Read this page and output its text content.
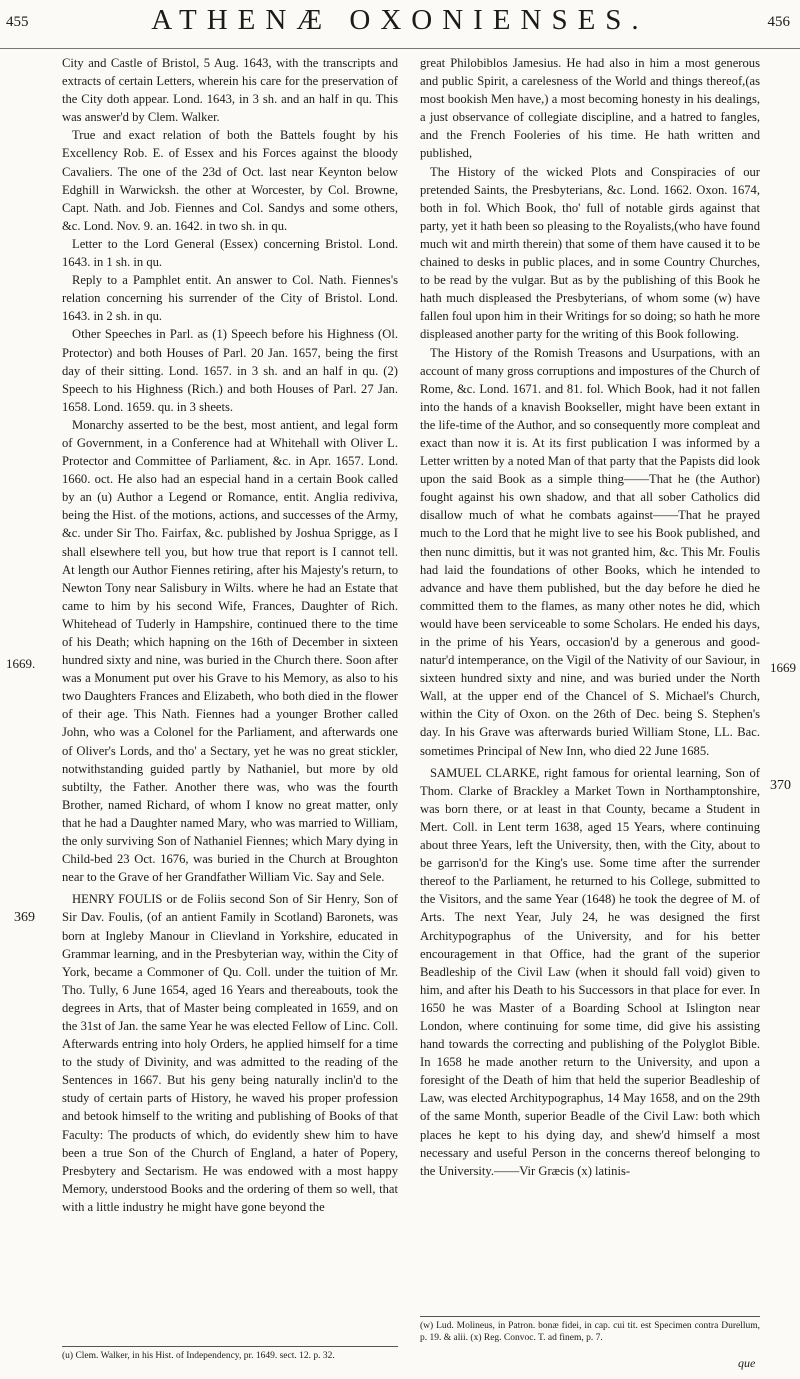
455	ATHENÆ OXONIENSES.	456
1669.
369
1669
370

City and Castle of Bristol, 5 Aug. 1643, with the transcripts and extracts of certain Letters, wherein his care for the preservation of the City doth appear. Lond. 1643, in 3 sh. and an half in qu. This was answer'd by Clem. Walker.

True and exact relation of both the Battels fought by his Excellency Rob. E. of Essex and his Forces against the bloody Cavaliers. The one of the 23d of Oct. last near Keynton below Edghill in Warwicksh. the other at Worcester, by Col. Browne, Capt. Nath. and Job. Fiennes and Col. Sandys and some others, &c. Lond. Nov. 9. an. 1642. in two sh. in qu.

Letter to the Lord General (Essex) concerning Bristol. Lond. 1643. in 1 sh. in qu.

Reply to a Pamphlet entit. An answer to Col. Nath. Fiennes's relation concerning his surrender of the City of Bristol. Lond. 1643. in 2 sh. in qu.

Other Speeches in Parl. as (1) Speech before his Highness (Ol. Protector) and both Houses of Parl. 20 Jan. 1657, being the first day of their sitting. Lond. 1657. in 3 sh. and an half in qu. (2) Speech to his Highness (Rich.) and both Houses of Parl. 27 Jan. 1658. Lond. 1659. qu. in 3 sheets.

Monarchy asserted to be the best, most antient, and legal form of Government, in a Conference had at Whitehall with Oliver L. Protector and Committee of Parliament, &c. in Apr. 1657. Lond. 1660. oct. He also had an especial hand in a certain Book called by an (u) Author a Legend or Romance, entit. Anglia rediviva, being the Hist. of the motions, actions, and successes of the Army, &c. under Sir Tho. Fairfax, &c. published by Joshua Sprigge, as I shall elsewhere tell you, but how true that report is I cannot tell. At length our Author Fiennes retiring, after his Majesty's return, to Newton Tony near Salisbury in Wilts. where he had an Estate that came to him by his second Wife, Frances, Daughter of Rich. Whitehead of Tuderly in Hampshire, continued there to the time of his Death; which hapning on the 16th of December in sixteen hundred sixty and nine, was buried in the Church there. Soon after was a Monument put over his Grave to his Memory, as also to his two Daughters Frances and Elizabeth, who both died in the flower of their age. This Nath. Fiennes had a younger Brother called John, who was a Colonel for the Parliament, and afterwards one of Oliver's Lords, and tho' a Sectary, yet he was no great stickler, notwithstanding guided partly by Nathaniel, but more by old subtilty, the Father. Another there was, who was the fourth Brother, named Richard, of whom I know no great matter, only that he had a Daughter named Mary, who was married to William, the only surviving Son of Nathaniel Fiennes; which Mary dying in Child-bed 23 Oct. 1676, was buried in the Church at Broughton near to the Grave of her Grandfather William Vic. Say and Sele.

HENRY FOULIS or de Foliis second Son of Sir Henry, Son of Sir Dav. Foulis, (of an antient Family in Scotland) Baronets, was born at Ingleby Manour in Clievland in Yorkshire, educated in Grammar learning, and in the Presbyterian way, within the City of York, became a Commoner of Qu. Coll. under the tuition of Mr. Tho. Tully, 6 June 1654, aged 16 Years and thereabouts, took the degrees in Arts, that of Master being compleated in 1659, and on the 31st of Jan. the same Year he was elected Fellow of Linc. Coll. Afterwards entring into holy Orders, he applied himself for a time to the study of Divinity, and was admitted to the reading of the Sentences in 1667. But his geny being naturally inclin'd to the study of certain parts of History, he waved his proper profession and betook himself to the writing and publishing of Books of that Faculty: The products of which, do evidently shew him to have been a true Son of the Church of England, a hater of Popery, Presbytery and Sectarism. He was endowed with a most happy Memory, understood Books and the ordering of them so well, that with a little industry he might have gone beyond the

great Philobiblos Jamesius. He had also in him a most generous and public Spirit, a carelesness of the World and things thereof,(as most bookish Men have,) a most becoming honesty in his dealings, a just observance of collegiate discipline, and a hatred to fangles, and the French Fooleries of his time. He hath written and published,

The History of the wicked Plots and Conspiracies of our pretended Saints, the Presbyterians, &c. Lond. 1662. Oxon. 1674, both in fol. Which Book, tho' full of notable girds against that party, yet it hath been so pleasing to the Royalists,(who have found much wit and mirth therein) that some of them have caused it to be chained to desks in public places, and in some Country Churches, to be read by the vulgar. But as by the publishing of this Book he hath much displeased the Presbyterians, of whom some (w) have fallen foul upon him in their Writings for so doing; so hath he more displeased another party for the writing of this Book following.

The History of the Romish Treasons and Usurpations, with an account of many gross corruptions and impostures of the Church of Rome, &c. Lond. 1671. and 81. fol. Which Book, had it not fallen into the hands of a knavish Bookseller, might have been extant in the life-time of the Author, and so consequently more compleat and exact than now it is. At its first publication I was informed by a Letter written by a noted Man of that party that the Papists did look upon the said Book as a simple thing——That he (the Author) fought against his own shadow, and that all sober Catholics did disallow much of what he combats against——That he prayed much to the Lord that he might live to see his Book published, and then nunc dimittis, but it was not granted him, &c. This Mr. Foulis had laid the foundations of other Books, which he intended to advance and have them published, but the day before he died he committed them to the flames, as many other notes he did, which would have been serviceable to some Scholars. He ended his days, in the prime of his Years, occasion'd by a generous and good-natur'd intemperance, on the Vigil of the Nativity of our Saviour, in sixteen hundred sixty and nine, and was buried under the North Wall, at the upper end of the Chancel of S. Michael's Church, within the City of Oxon. on the 26th of Dec. being S. Stephen's day. In his Grave was afterwards buried William Stone, LL. Bac. sometimes Principal of New Inn, who died 22 June 1685.

SAMUEL CLARKE, right famous for oriental learning, Son of Thom. Clarke of Brackley a Market Town in Northamptonshire, was born there, or at least in that County, became a Student in Mert. Coll. in Lent term 1638, aged 15 Years, where continuing about three Years, left the University, then, with the City, about to be garrison'd for the King's use. Some time after the surrender thereof to the Parliament, he returned to his College, submitted to the Visitors, and the same Year (1648) he took the degree of M. of Arts. The next Year, July 24, he was designed the first Architypographus of the University, and for his better encouragement in that Office, had the grant of the superior Beadleship of the Civil Law (when it should fall void) given to him, and after his Death to his Successors in that place for ever. In 1650 he was Master of a Boarding School at Islington near London, where continuing for some time, did give his assisting hand towards the correcting and publishing of the Polyglot Bible. In 1658 he made another return to the University, and upon a foresight of the Death of him that held the superior Beadleship of Law, was elected Architypographus, 14 May 1658, and on the 29th of the same Month, superior Beadle of the Civil Law: both which places he kept to his dying day, and shew'd himself a most necessary and useful Person in the concerns thereof belonging to the University.——Vir Græcis (x) latinis-

(u) Clem. Walker, in his Hist. of Independency, pr. 1649. sect. 12. p. 32.
(w) Lud. Molineus, in Patron. bonæ fidei, in cap. cui tit. est Specimen contra Durellum, p. 19. & alii. (x) Reg. Convoc. T. ad finem, p. 7.
que
